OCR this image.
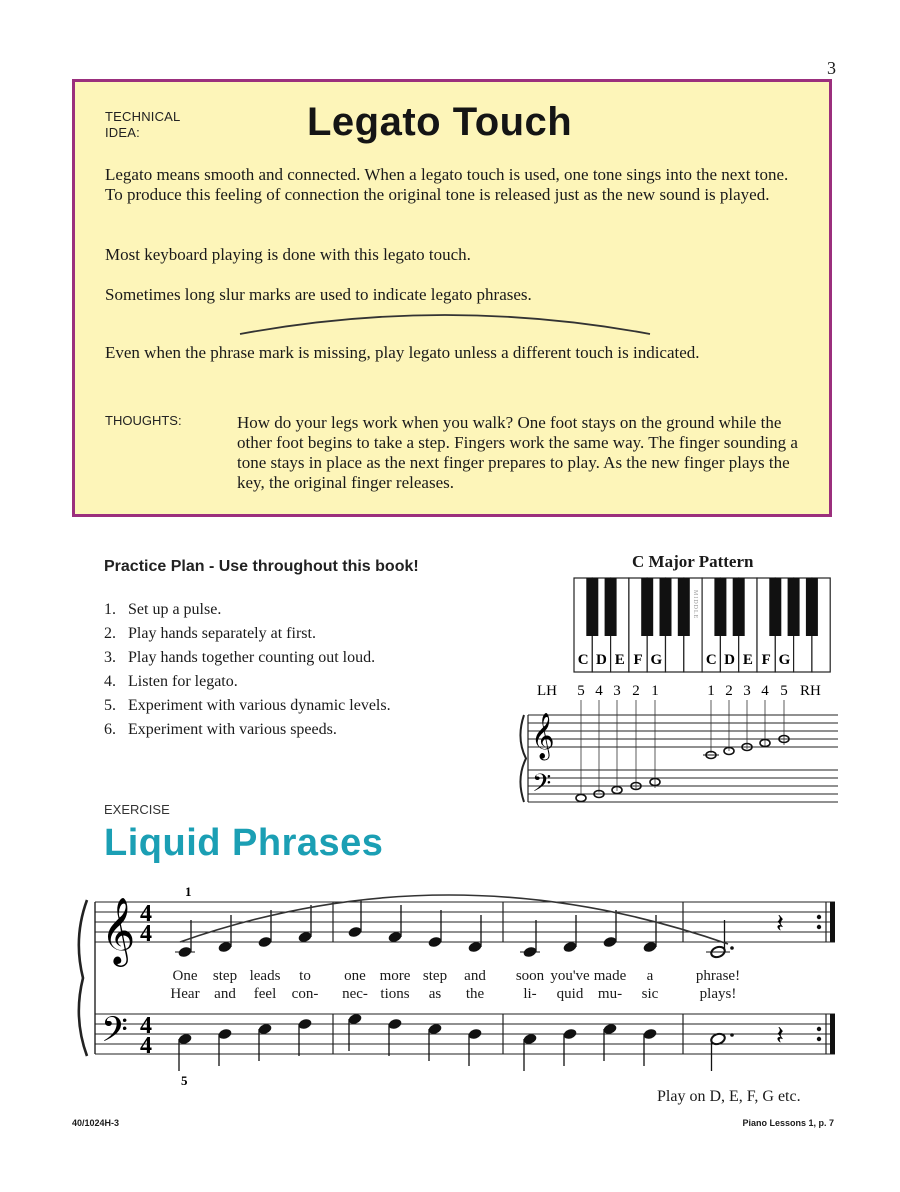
3
TECHNICAL
IDEA:	Legato Touch
Legato means smooth and connected. When a legato touch is used, one tone sings into the next tone. To produce this feeling of connection the original tone is released just as the new sound is played.
Most keyboard playing is done with this legato touch.
Sometimes long slur marks are used to indicate legato phrases.
Even when the phrase mark is missing, play legato unless a different touch is indicated.
THOUGHTS:	How do your legs work when you walk? One foot stays on the ground while the other foot begins to take a step. Fingers work the same way. The finger sounding a tone stays in place as the next finger prepares to play. As the new finger plays the key, the original finger releases.
Practice Plan - Use throughout this book!
1. Set up a pulse.
2. Play hands separately at first.
3. Play hands together counting out loud.
4. Listen for legato.
5. Experiment with various dynamic levels.
6. Experiment with various speeds.
C Major Pattern
C D E F G	C D E F G
MIDDLE
LH	RH
5 4 3 2 1	1 2 3 4 5
𝄞
𝄢
EXERCISE
Liquid Phrases
𝄞
𝄢
4
4
4
4
𝄽
𝄽
1
5
One step leads to one more step and soon you've made a	phrase!
Hear and feel con- nec- tions as the	li- quid mu- sic	plays!
Play on D, E, F, G etc.
40/1024H-3	Piano Lessons 1, p. 7
